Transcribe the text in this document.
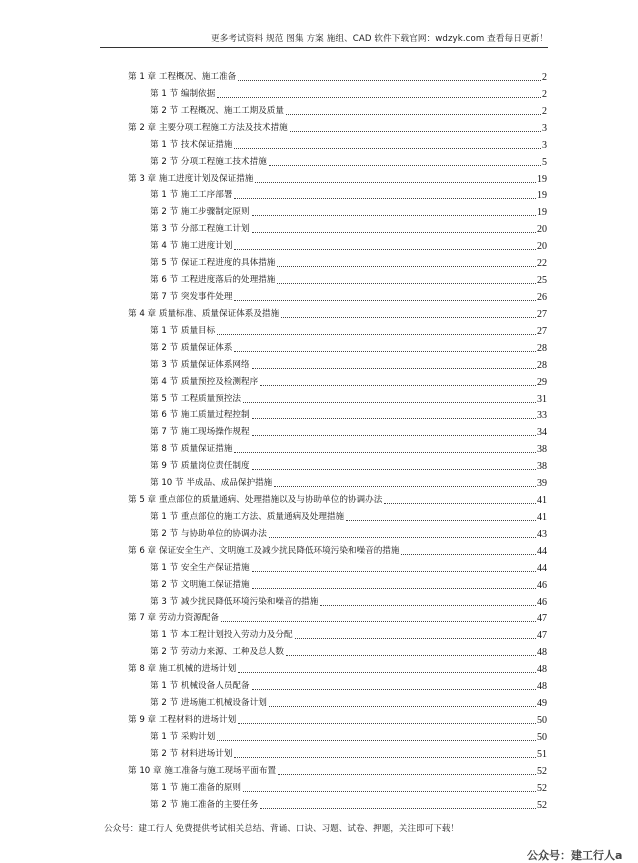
更多考试资料 规范 图集 方案 施组、CAD 软件下载官网：wdzyk.com 查看每日更新！
第 1 章 工程概况、施工准备	2
第 1 节 编制依据	2
第 2 节 工程概况、施工工期及质量	2
第 2 章 主要分项工程施工方法及技术措施	3
第 1 节 技术保证措施	3
第 2 节 分项工程施工技术措施	5
第 3 章 施工进度计划及保证措施	19
第 1 节 施工工序部署	19
第 2 节 施工步骤制定原则	19
第 3 节 分部工程施工计划	20
第 4 节 施工进度计划	20
第 5 节 保证工程进度的具体措施	22
第 6 节 工程进度落后的处理措施	25
第 7 节 突发事件处理	26
第 4 章 质量标准、质量保证体系及措施	27
第 1 节 质量目标	27
第 2 节 质量保证体系	28
第 3 节 质量保证体系网络	28
第 4 节 质量预控及检测程序	29
第 5 节 工程质量预控法	31
第 6 节 施工质量过程控制	33
第 7 节 施工现场操作规程	34
第 8 节 质量保证措施	38
第 9 节 质量岗位责任制度	38
第 10 节 半成品、成品保护措施	39
第 5 章 重点部位的质量通病、处理措施以及与协助单位的协调办法	41
第 1 节 重点部位的施工方法、质量通病及处理措施	41
第 2 节 与协助单位的协调办法	43
第 6 章 保证安全生产、文明施工及减少扰民降低环境污染和噪音的措施	44
第 1 节 安全生产保证措施	44
第 2 节 文明施工保证措施	46
第 3 节 减少扰民降低环境污染和噪音的措施	46
第 7 章 劳动力资源配备	47
第 1 节 本工程计划投入劳动力及分配	47
第 2 节 劳动力来源、工种及总人数	48
第 8 章 施工机械的进场计划	48
第 1 节 机械设备人员配备	48
第 2 节 进场施工机械设备计划	49
第 9 章 工程材料的进场计划	50
第 1 节 采购计划	50
第 2 节 材料进场计划	51
第 10 章 施工准备与施工现场平面布置	52
第 1 节 施工准备的原则	52
第 2 节 施工准备的主要任务	52
公众号：建工行人 免费提供考试相关总结、背诵、口诀、习题、试卷、押题，关注即可下载！
公众号：建工行人a
